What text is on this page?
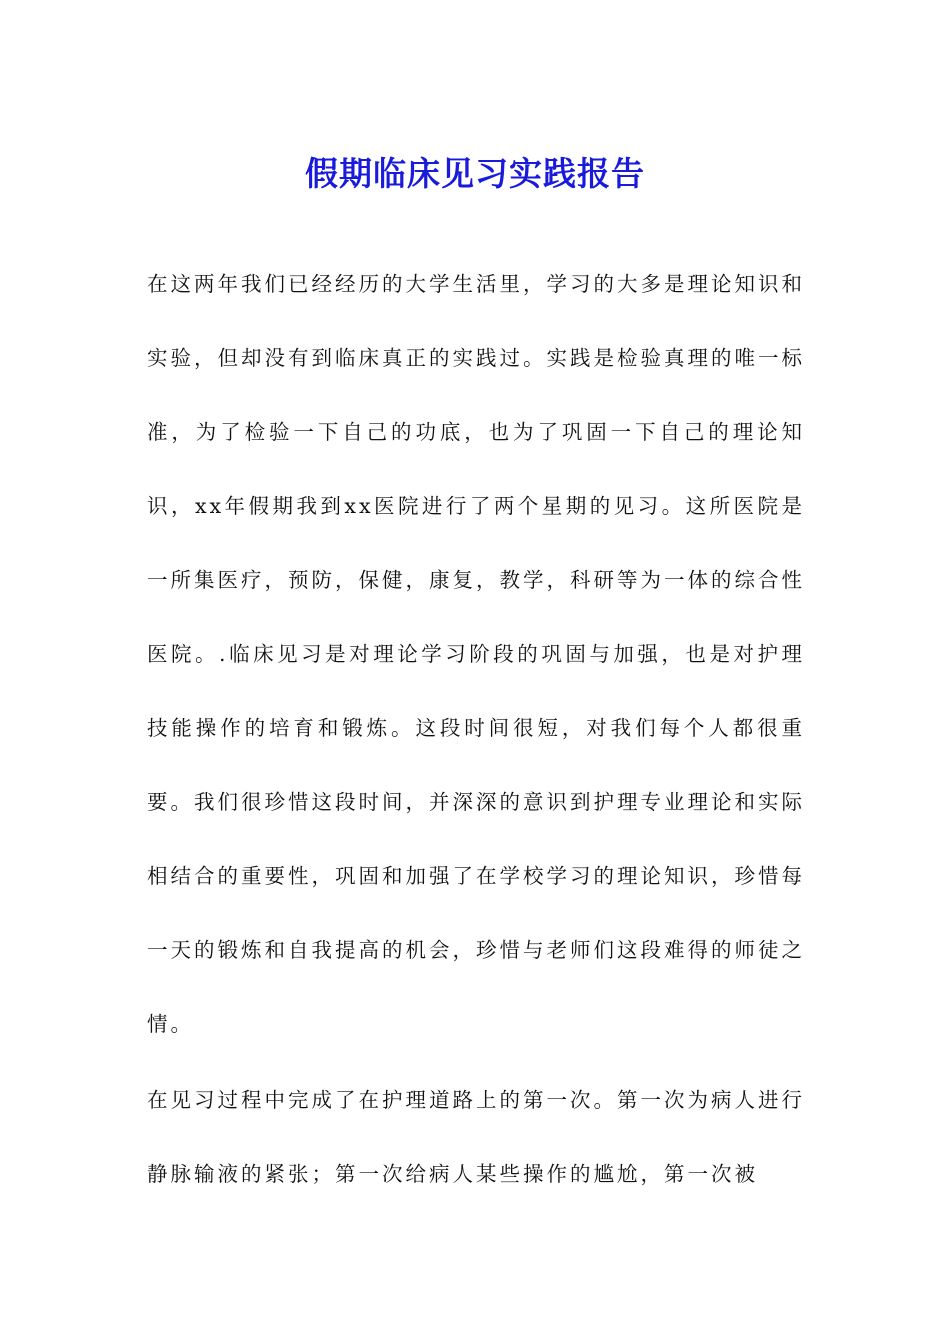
假期临床见习实践报告

在这两年我们已经经历的大学生活里，学习的大多是理论知识和实验，但却没有到临床真正的实践过。实践是检验真理的唯一标准，为了检验一下自己的功底，也为了巩固一下自己的理论知识，xx年假期我到xx医院进行了两个星期的见习。这所医院是一所集医疗，预防，保健，康复，教学，科研等为一体的综合性医院。.临床见习是对理论学习阶段的巩固与加强，也是对护理技能操作的培育和锻炼。这段时间很短，对我们每个人都很重要。我们很珍惜这段时间，并深深的意识到护理专业理论和实际相结合的重要性，巩固和加强了在学校学习的理论知识，珍惜每一天的锻炼和自我提高的机会，珍惜与老师们这段难得的师徒之情。

在见习过程中完成了在护理道路上的第一次。第一次为病人进行静脉输液的紧张；第一次给病人某些操作的尴尬，第一次被
